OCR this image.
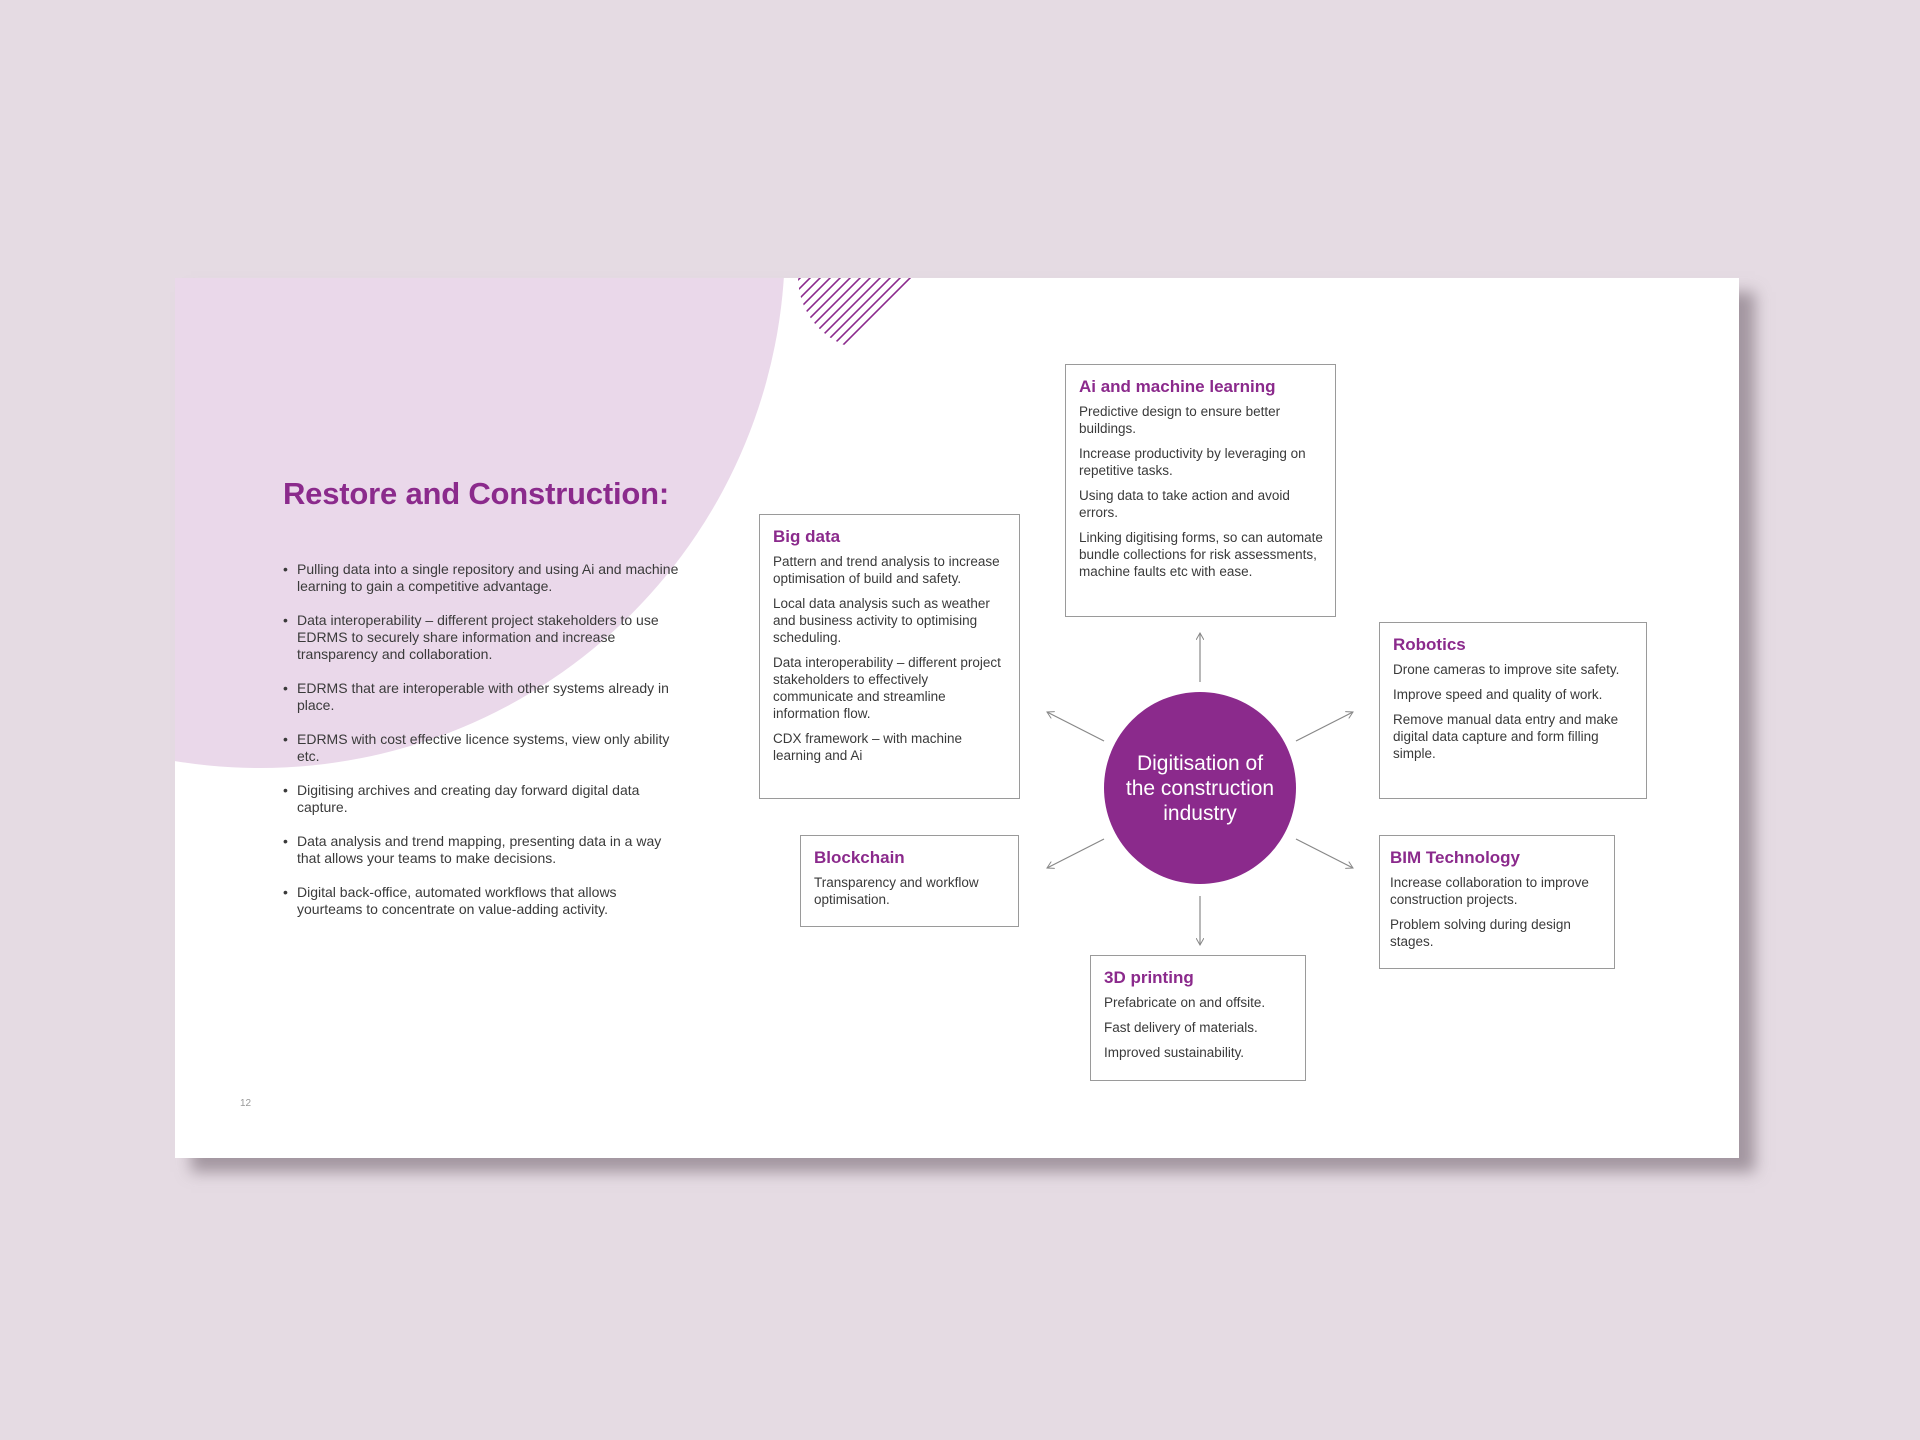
Restore and Construction:
• Pulling data into a single repository and using Ai and machine learning to gain a competitive advantage.
• Data interoperability – different project stakeholders to use EDRMS to securely share information and increase transparency and collaboration.
• EDRMS that are interoperable with other systems already in place.
• EDRMS with cost effective licence systems, view only ability etc.
• Digitising archives and creating day forward digital data capture.
• Data analysis and trend mapping, presenting data in a way that allows your teams to make decisions.
• Digital back-office, automated workflows that allows yourteams to concentrate on value-adding activity.
Digitisation of the construction industry
Ai and machine learning

Predictive design to ensure better buildings.

Increase productivity by leveraging on repetitive tasks.

Using data to take action and avoid errors.

Linking digitising forms, so can automate bundle collections for risk assessments, machine faults etc with ease.

Big data

Pattern and trend analysis to increase optimisation of build and safety.

Local data analysis such as weather and business activity to optimising scheduling.

Data interoperability – different project stakeholders to effectively communicate and streamline information flow.

CDX framework – with machine learning and Ai

Robotics

Drone cameras to improve site safety.

Improve speed and quality of work.

Remove manual data entry and make digital data capture and form filling simple.

Blockchain

Transparency and workflow optimisation.

BIM Technology

Increase collaboration to improve construction projects.

Problem solving during design stages.

3D printing

Prefabricate on and offsite.

Fast delivery of materials.

Improved sustainability.

12
